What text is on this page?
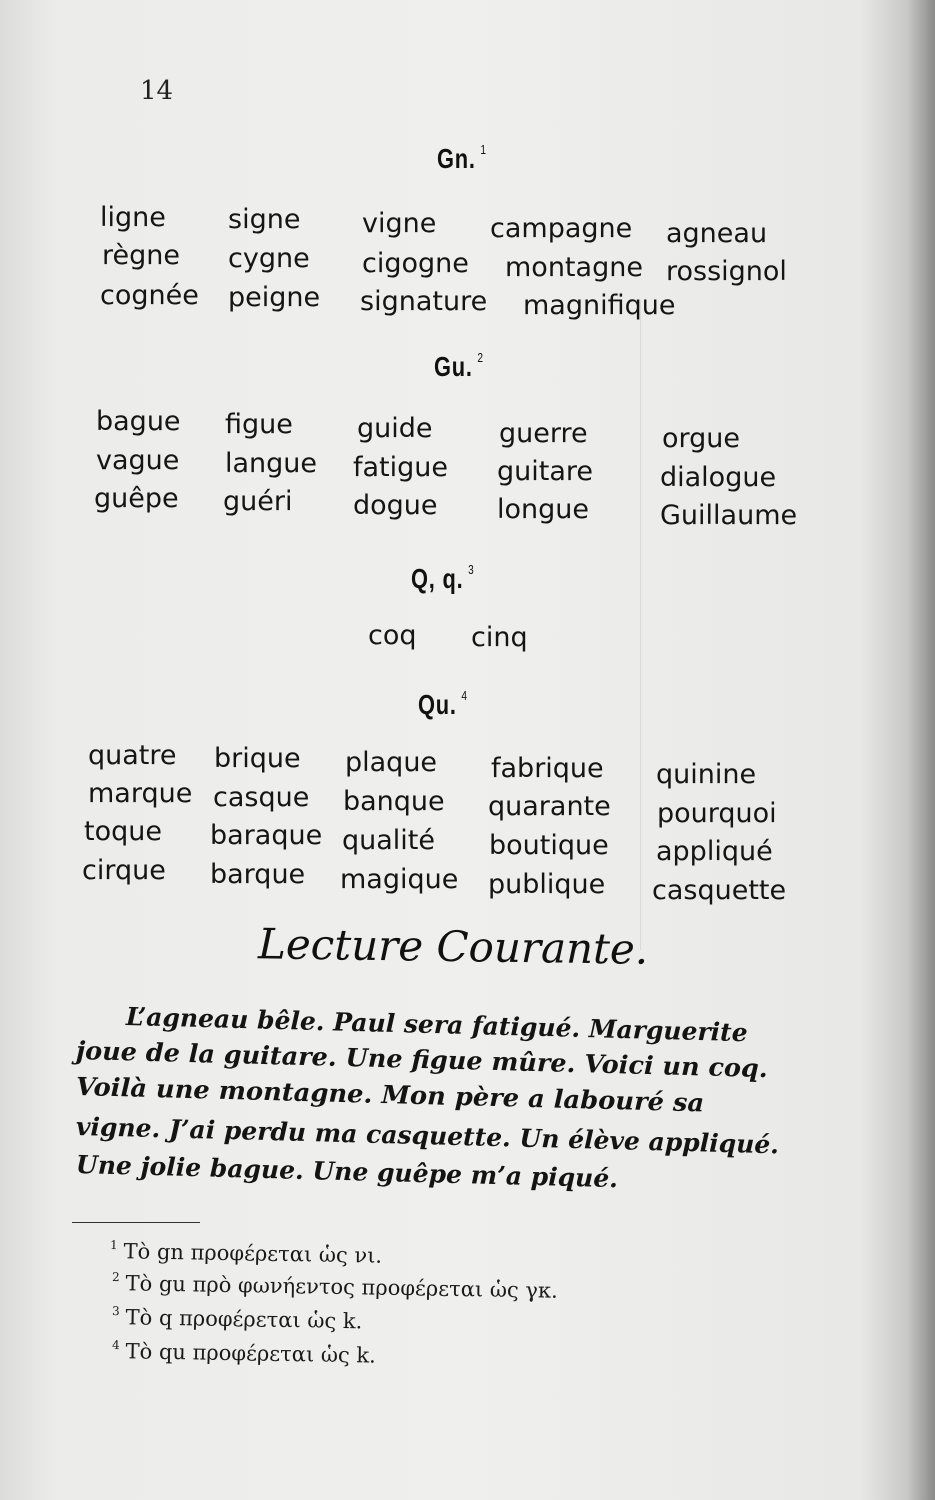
14
Gn. $^1$
ligne signe vigne campagne agneau
règne cygne cigogne montagne rossignol
cognée peigne signature magnifique
Gu. $^2$
bague figue guide guerre	orgue
vague langue fatigue guitare dialogue
guêpe guéri dogue longue	Guillaume
Q, q. $^3$
coq cinq
Qu. $^4$
quatre brique plaque fabrique quinine
marque casque banque quarante pourquoi
toque baraque qualité boutique appliqué
cirque barque magique publique casquette
Lecture Courante.
L’agneau bêle. Paul sera fatigué. Marguerite
joue de la guitare. Une figue mûre. Voici un coq.
Voilà une montagne. Mon père a labouré sa
vigne. J’ai perdu ma casquette. Un élève appliqué.
Une jolie bague. Une guêpe m’a piqué.
$^1$ Τὸ gn προφέρεται ὡς νι.
$^2$ Τὸ gu πρὸ φωνήεντος προφέρεται ὡς γκ.
$^3$ Τὸ q προφέρεται ὡς k.
$^4$ Τὸ qu προφέρεται ὡς k.
